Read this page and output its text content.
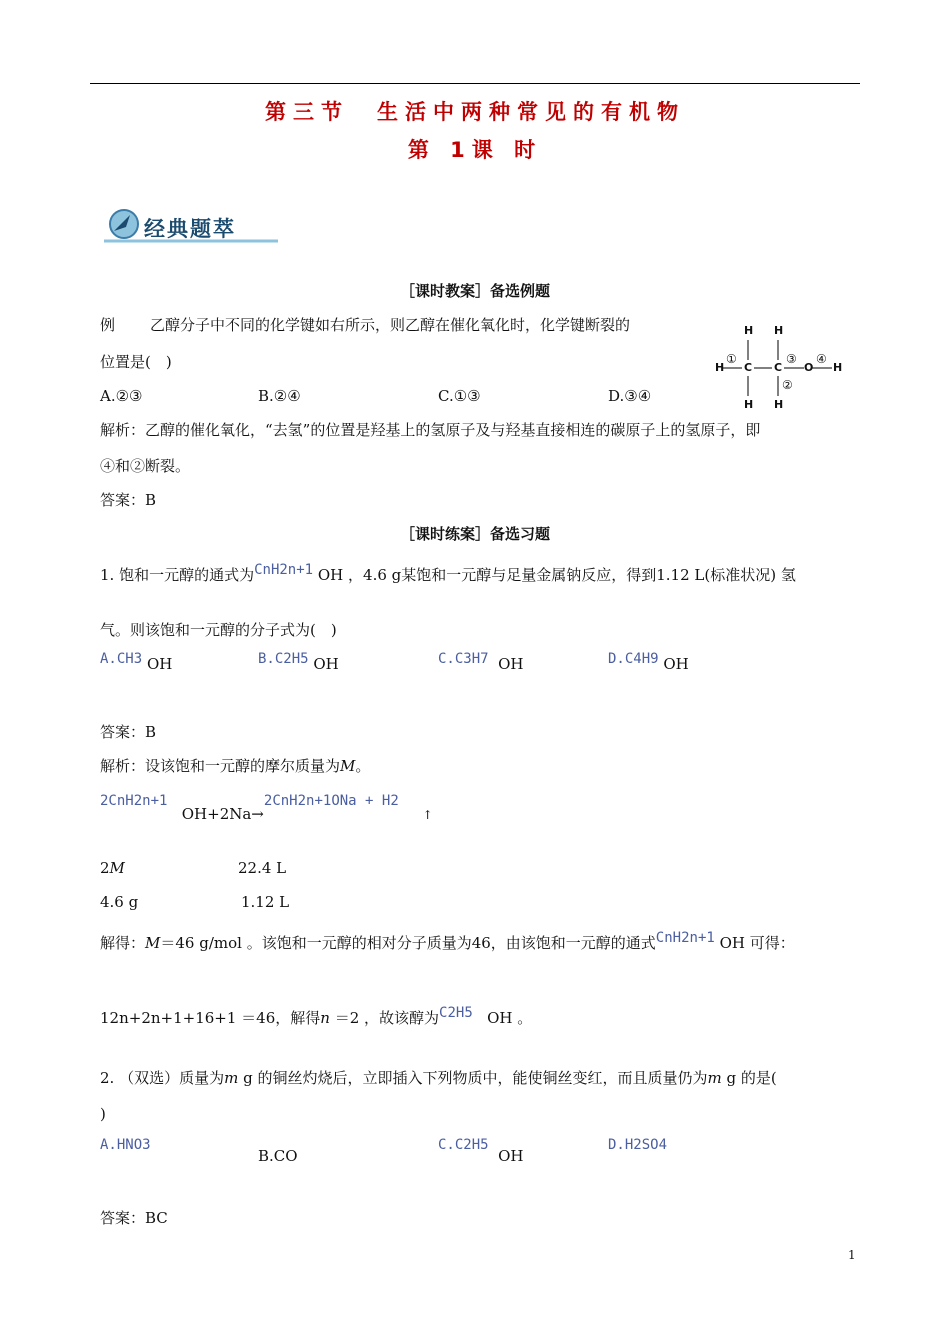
第三节　生活中两种常见的有机物
第 1课 时
经典题萃
［课时教案］备选例题
例 乙醇分子中不同的化学键如右所示，则乙醇在催化氧化时，化学键断裂的
位置是(　)
A.②③	B.②④	C.①③	D.③④
H H
H C C O H
H H
①
②
③ ④
解析：乙醇的催化氧化，“去氢”的位置是羟基上的氢原子及与羟基直接相连的碳原子上的氢原子，即
④和②断裂。
答案：B
［课时练案］备选习题
1. 饱和一元醇的通式为CnH2n+1 OH ，4.6 g某饱和一元醇与足量金属钠反应，得到1.12 L(标准状况) 氢
气。则该饱和一元醇的分子式为(　)
A.CH3 OH	B.C2H5 OH	C.C3H7 OH	D.C4H9 OH
答案：B
解析：设该饱和一元醇的摩尔质量为M。
2CnH2n+1   OH+2Na→2CnH2n+1ONa + H2     $_↑$
2M	22.4 L
4.6 g	1.12 L
解得：M＝46 g/mol 。该饱和一元醇的相对分子质量为46，由该饱和一元醇的通式CnH2n+1 OH 可得：
12n+2n+1+16+1 ＝46，解得n ＝2 ，故该醇为C2H5 OH 。
2. （双选）质量为m g 的铜丝灼烧后，立即插入下列物质中，能使铜丝变红，而且质量仍为m g 的是(
)
A.HNO3
B.CO
C.C2H5  OH
D.H2SO4
答案：BC
1
